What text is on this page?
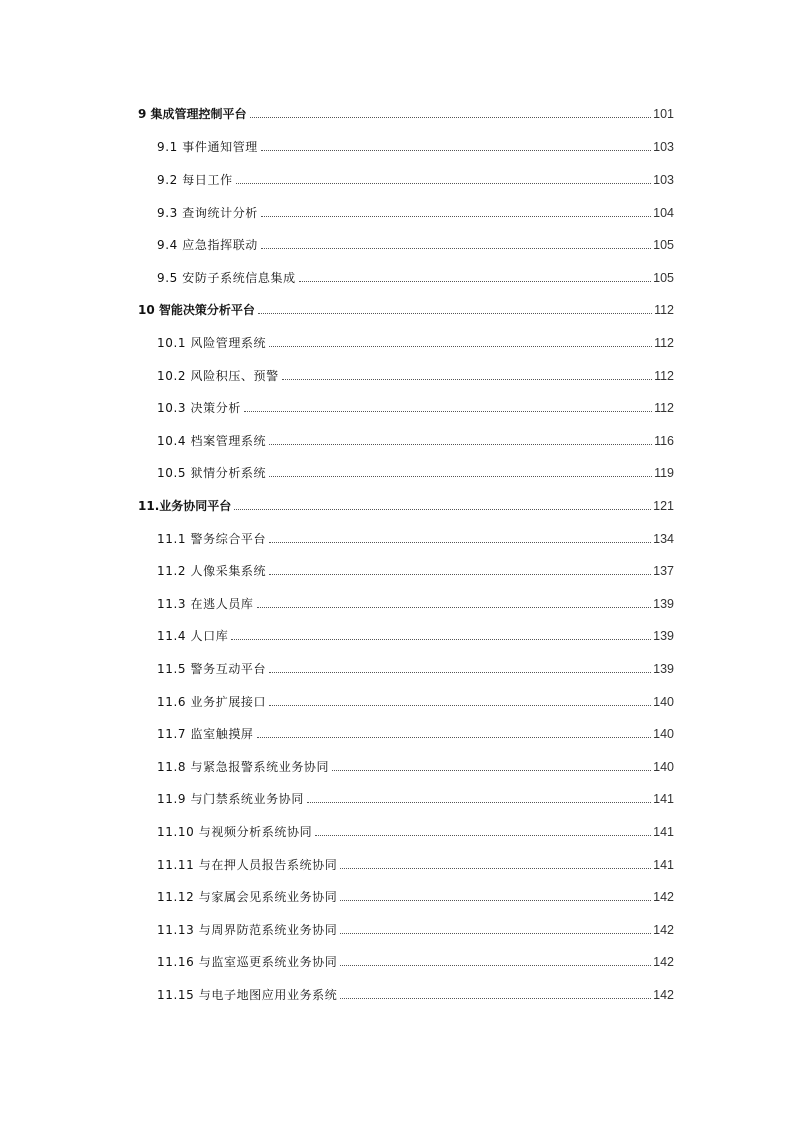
9 集成管理控制平台	101
9.1 事件通知管理	103
9.2 每日工作	103
9.3 查询统计分析	104
9.4 应急指挥联动	105
9.5 安防子系统信息集成	105
10 智能决策分析平台	112
10.1 风险管理系统	112
10.2 风险积压、预警	112
10.3 决策分析	112
10.4 档案管理系统	116
10.5 狱情分析系统	119
11.业务协同平台	121
11.1 警务综合平台	134
11.2 人像采集系统	137
11.3 在逃人员库	139
11.4 人口库	139
11.5 警务互动平台	139
11.6 业务扩展接口	140
11.7 监室触摸屏	140
11.8 与紧急报警系统业务协同	140
11.9 与门禁系统业务协同	141
11.10 与视频分析系统协同	141
11.11 与在押人员报告系统协同	141
11.12 与家属会见系统业务协同	142
11.13 与周界防范系统业务协同	142
11.16 与监室巡更系统业务协同	142
11.15 与电子地图应用业务系统	142
